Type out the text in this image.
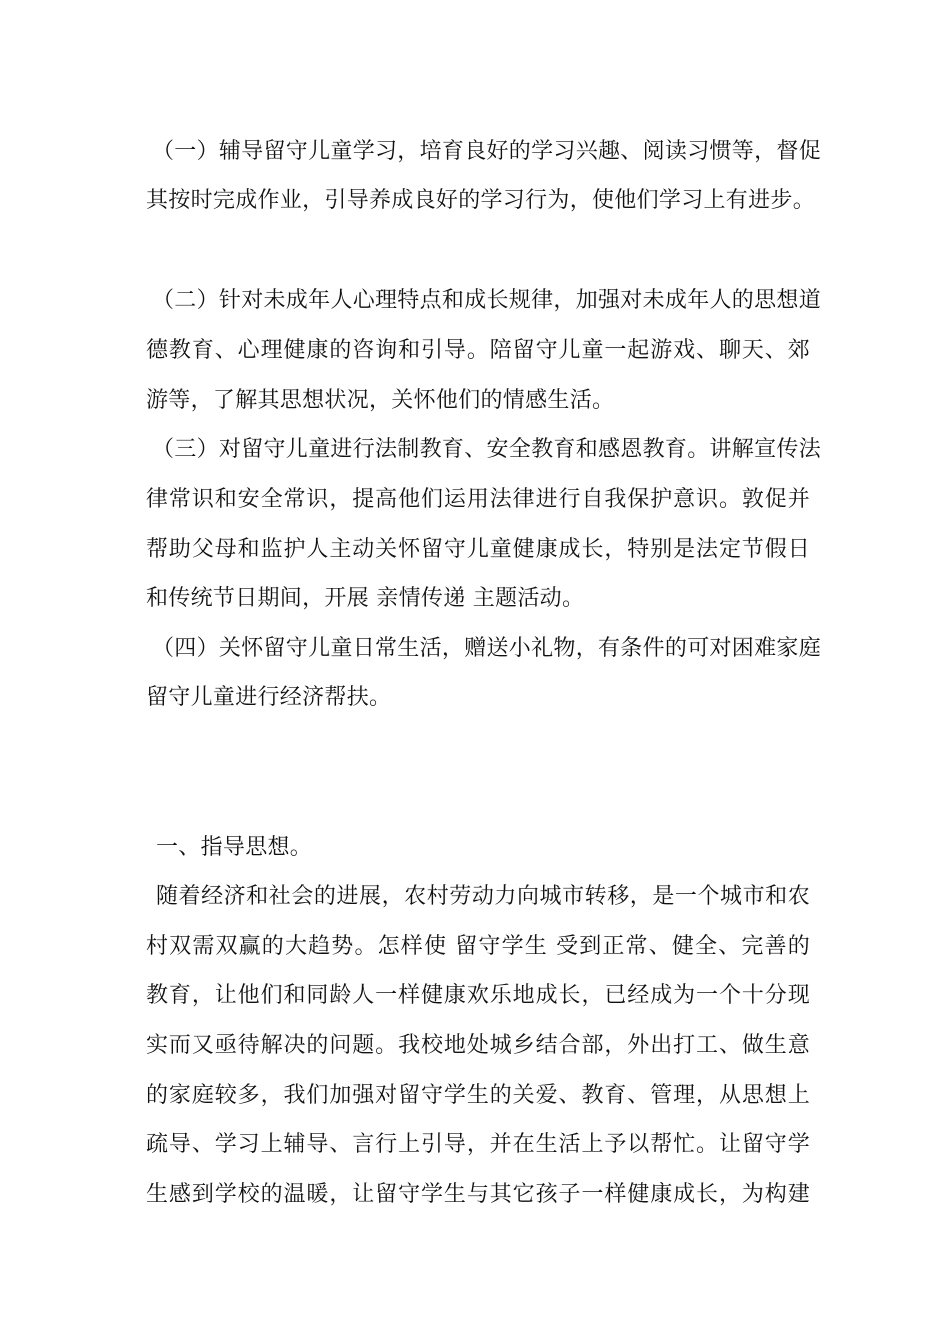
（一）辅导留守儿童学习，培育良好的学习兴趣、阅读习惯等，督促
其按时完成作业，引导养成良好的学习行为，使他们学习上有进步。
（二）针对未成年人心理特点和成长规律，加强对未成年人的思想道
德教育、心理健康的咨询和引导。陪留守儿童一起游戏、聊天、郊
游等，了解其思想状况，关怀他们的情感生活。
（三）对留守儿童进行法制教育、安全教育和感恩教育。讲解宣传法
律常识和安全常识，提高他们运用法律进行自我保护意识。敦促并
帮助父母和监护人主动关怀留守儿童健康成长，特别是法定节假日
和传统节日期间，开展 亲情传递 主题活动。
（四）关怀留守儿童日常生活，赠送小礼物，有条件的可对困难家庭
留守儿童进行经济帮扶。
一、指导思想。
随着经济和社会的进展，农村劳动力向城市转移，是一个城市和农
村双需双赢的大趋势。怎样使 留守学生 受到正常、健全、完善的
教育，让他们和同龄人一样健康欢乐地成长，已经成为一个十分现
实而又亟待解决的问题。我校地处城乡结合部，外出打工、做生意
的家庭较多，我们加强对留守学生的关爱、教育、管理，从思想上
疏导、学习上辅导、言行上引导，并在生活上予以帮忙。让留守学
生感到学校的温暖，让留守学生与其它孩子一样健康成长，为构建
